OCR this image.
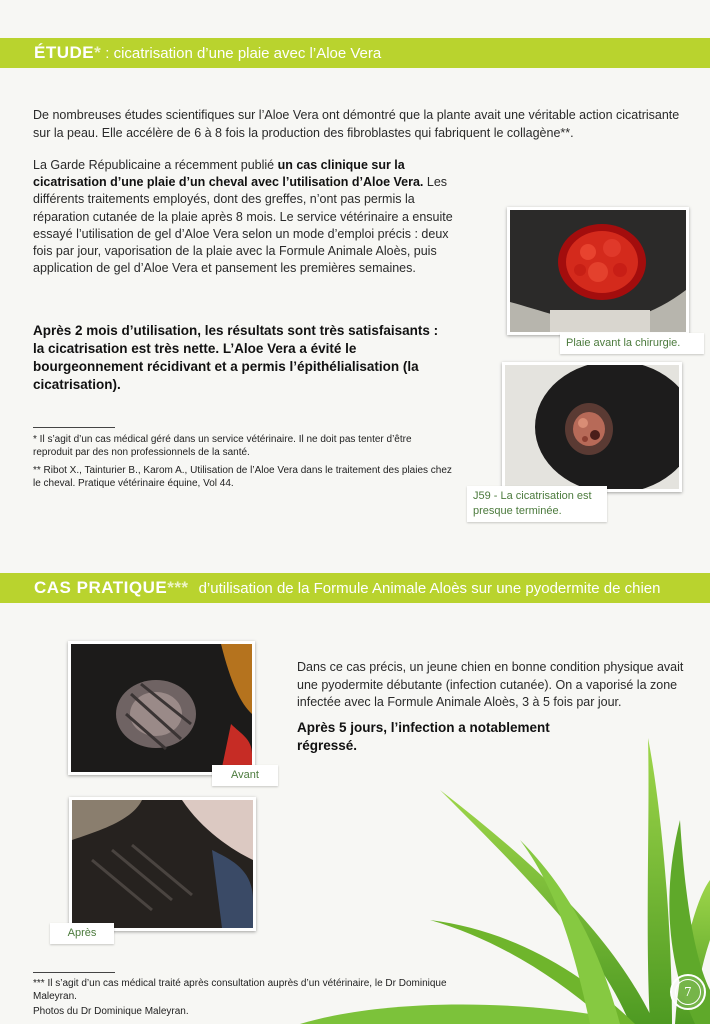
ÉTUDE * : cicatrisation d’une plaie avec l’Aloe Vera

De nombreuses études scientifiques sur l’Aloe Vera ont démontré que la plante avait une véritable action cicatrisante sur la peau. Elle accélère de 6 à 8 fois la production des fibroblastes qui fabriquent le collagène**.

La Garde Républicaine a récemment publié un cas clinique sur la cicatrisation d’une plaie d’un cheval avec l’utilisation d’Aloe Vera. Les différents traitements employés, dont des greffes, n’ont pas permis la réparation cutanée de la plaie après 8 mois. Le service vétérinaire a ensuite essayé l’utilisation de gel d’Aloe Vera selon un mode d’emploi précis : deux fois par jour, vaporisation de la plaie avec la Formule Animale Aloès, puis application de gel d’Aloe Vera et pansement les premières semaines.

Après 2 mois d’utilisation, les résultats sont très satisfaisants : la cicatrisation est très nette. L’Aloe Vera a évité le bourgeonnement récidivant et a permis l’épithélialisation (la cicatrisation).

* Il s’agit d’un cas médical géré dans un service vétérinaire. Il ne doit pas tenter d’être reproduit par des non professionnels de la santé.

** Ribot X., Tainturier B., Karom A., Utilisation de l’Aloe Vera dans le traitement des plaies chez le cheval. Pratique vétérinaire équine, Vol 44.

Plaie avant la chirurgie.
J59 - La cicatrisation est presque terminée.
CAS PRATIQUE *** d’utilisation de la Formule Animale Aloès sur une pyodermite de chien
Avant
Après

Dans ce cas précis, un jeune chien en bonne condition physique avait une pyodermite débutante (infection cutanée). On a vaporisé la zone infectée avec la Formule Animale Aloès, 3 à 5 fois par jour.

Après 5 jours, l’infection a notablement régressé.

*** Il s’agit d’un cas médical traité après consultation auprès d’un vétérinaire, le Dr Dominique Maleyran.

Photos du Dr Dominique Maleyran.

7
